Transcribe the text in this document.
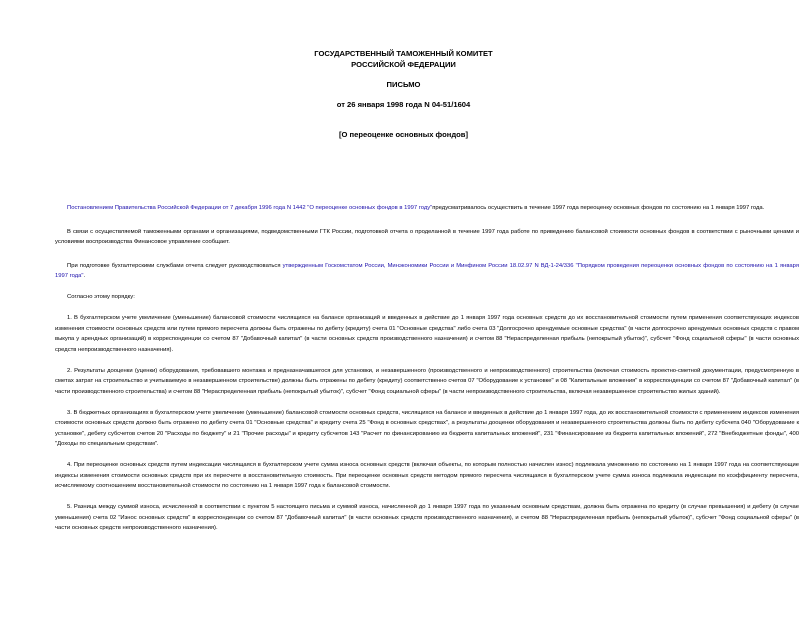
ГОСУДАРСТВЕННЫЙ ТАМОЖЕННЫЙ КОМИТЕТ
РОССИЙСКОЙ ФЕДЕРАЦИИ
ПИСЬМО
от 26 января 1998 года N 04-51/1604
[О переоценке основных фондов]

Постановлением Правительства Российской Федерации от 7 декабря 1996 года N 1442 "О переоценке основных фондов в 1997 году"предусматривалось осуществить в течение 1997 года переоценку основных фондов по состоянию на 1 января 1997 года.

В связи с осуществляемой таможенными органами и организациями, подведомственными ГТК России, подготовкой отчета о проделанной в течение 1997 года работе по приведению балансовой стоимости основных фондов в соответствии с рыночными ценами и условиями воспроизводства Финансовое управление сообщает.

При подготовке бухгалтерскими службами отчета следует руководствоваться утвержденным Госкомстатом России, Минэкономики России и Минфином России 18.02.97 N ВД-1-24/336 "Порядком проведения переоценки основных фондов по состоянию на 1 января 1997 года".

Согласно этому порядку:

1. В бухгалтерском учете увеличение (уменьшение) балансовой стоимости числящихся на балансе организаций и введенных в действие до 1 января 1997 года основных средств до их восстановительной стоимости путем применения соответствующих индексов изменения стоимости основных средств или путем прямого пересчета должны быть отражены по дебету (кредиту) счета 01 "Основные средства" либо счета 03 "Долгосрочно арендуемые основные средства" (в части долгосрочно арендуемых основных средств с правом выкупа у арендных организаций) в корреспонденции со счетом 87 "Добавочный капитал" (в части основных средств производственного назначения) и счетом 88 "Нераспределенная прибыль (непокрытый убыток)", субсчет "Фонд социальной сферы" (в части основных средств непроизводственного назначения).

2. Результаты дооценки (уценки) оборудования, требовавшего монтажа и предназначавшегося для установки, и незавершенного (производственного и непроизводственного) строительства (включая стоимость проектно-сметной документации, предусмотренную в сметах затрат на строительство и учитываемую в незавершенном строительстве) должны быть отражены по дебету (кредиту) соответственно счетов 07 "Оборудование к установке" и 08 "Капитальные вложения" в корреспонденции со счетом 87 "Добавочный капитал" (в части производственного строительства) и счетом 88 "Нераспределенная прибыль (непокрытый убыток)", субсчет "Фонд социальной сферы" (в части непроизводственного строительства, включая незавершенное строительство жилых зданий).

3. В бюджетных организациях в бухгалтерском учете увеличение (уменьшение) балансовой стоимости основных средств, числящихся на балансе и введенных в действие до 1 января 1997 года, до их восстановительной стоимости с применением индексов изменения стоимости основных средств должно быть отражено по дебету счета 01 "Основные средства" и кредиту счета 25 "Фонд в основных средствах", а результаты дооценки оборудования и незавершенного строительства должны быть по дебету субсчета 040 "Оборудование к установке", дебету субсчетов счетов 20 "Расходы по бюджету" и 21 "Прочие расходы" и кредиту субсчетов 143 "Расчет по финансированию из бюджета капитальных вложений", 231 "Финансирование из бюджета капитальных вложений", 272 "Внебюджетные фонды", 400 "Доходы по специальным средствам".

4. При переоценке основных средств путем индексации числящаяся в бухгалтерском учете сумма износа основных средств (включая объекты, по которым полностью начислен износ) подлежала умножению по состоянию на 1 января 1997 года на соответствующие индексы изменения стоимости основных средств при их пересчете в восстановительную стоимость. При переоценке основных средств методом прямого пересчета числящаяся в бухгалтерском учете сумма износа подлежала индексации по коэффициенту пересчета, исчисляемому соотношением восстановительной стоимости по состоянию на 1 января 1997 года к балансовой стоимости.

5. Разница между суммой износа, исчисленной в соответствии с пунктом 5 настоящего письма и суммой износа, начисленной до 1 января 1997 года по указанным основным средствам, должна быть отражена по кредиту (в случае превышения) и дебету (в случае уменьшения) счета 02 "Износ основных средств" в корреспонденции со счетом 87 "Добавочный капитал" (в части основных средств производственного назначения), и счетом 88 "Нераспределенная прибыль (непокрытый убыток)", субсчет "Фонд социальной сферы" (в части основных средств непроизводственного назначения).
